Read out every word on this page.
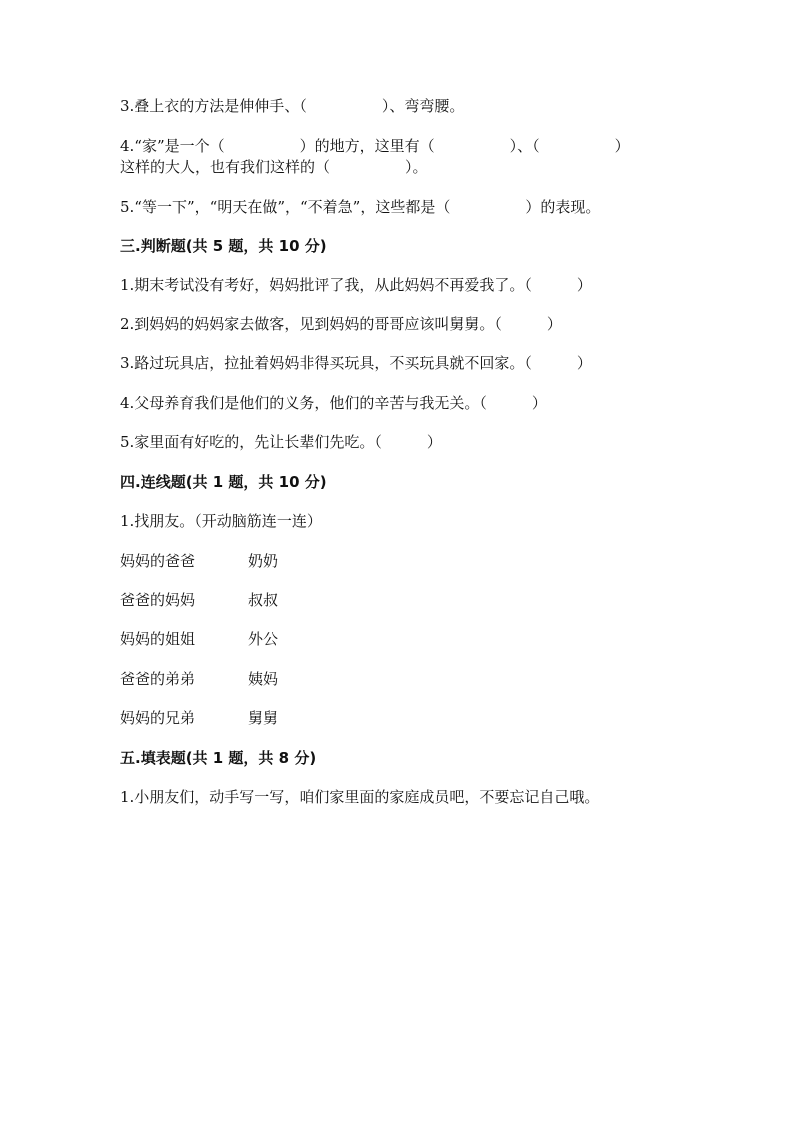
3.叠上衣的方法是伸伸手、（　　　　　）、弯弯腰。
4.“家”是一个（　　　　　）的地方，这里有（　　　　　）、（　　　　　）
这样的大人，也有我们这样的（　　　　　）。
5.“等一下”，“明天在做”，“不着急”，这些都是（　　　　　）的表现。
三.判断题(共 5 题，共 10 分)
1.期末考试没有考好，妈妈批评了我，从此妈妈不再爱我了。（　　　）
2.到妈妈的妈妈家去做客，见到妈妈的哥哥应该叫舅舅。（　　　）
3.路过玩具店，拉扯着妈妈非得买玩具，不买玩具就不回家。（　　　）
4.父母养育我们是他们的义务，他们的辛苦与我无关。（　　　）
5.家里面有好吃的，先让长辈们先吃。（　　　）
四.连线题(共 1 题，共 10 分)
1.找朋友。（开动脑筋连一连）
妈妈的爸爸	奶奶
爸爸的妈妈	叔叔
妈妈的姐姐	外公
爸爸的弟弟	姨妈
妈妈的兄弟	舅舅
五.填表题(共 1 题，共 8 分)
1.小朋友们，动手写一写，咱们家里面的家庭成员吧，不要忘记自己哦。
